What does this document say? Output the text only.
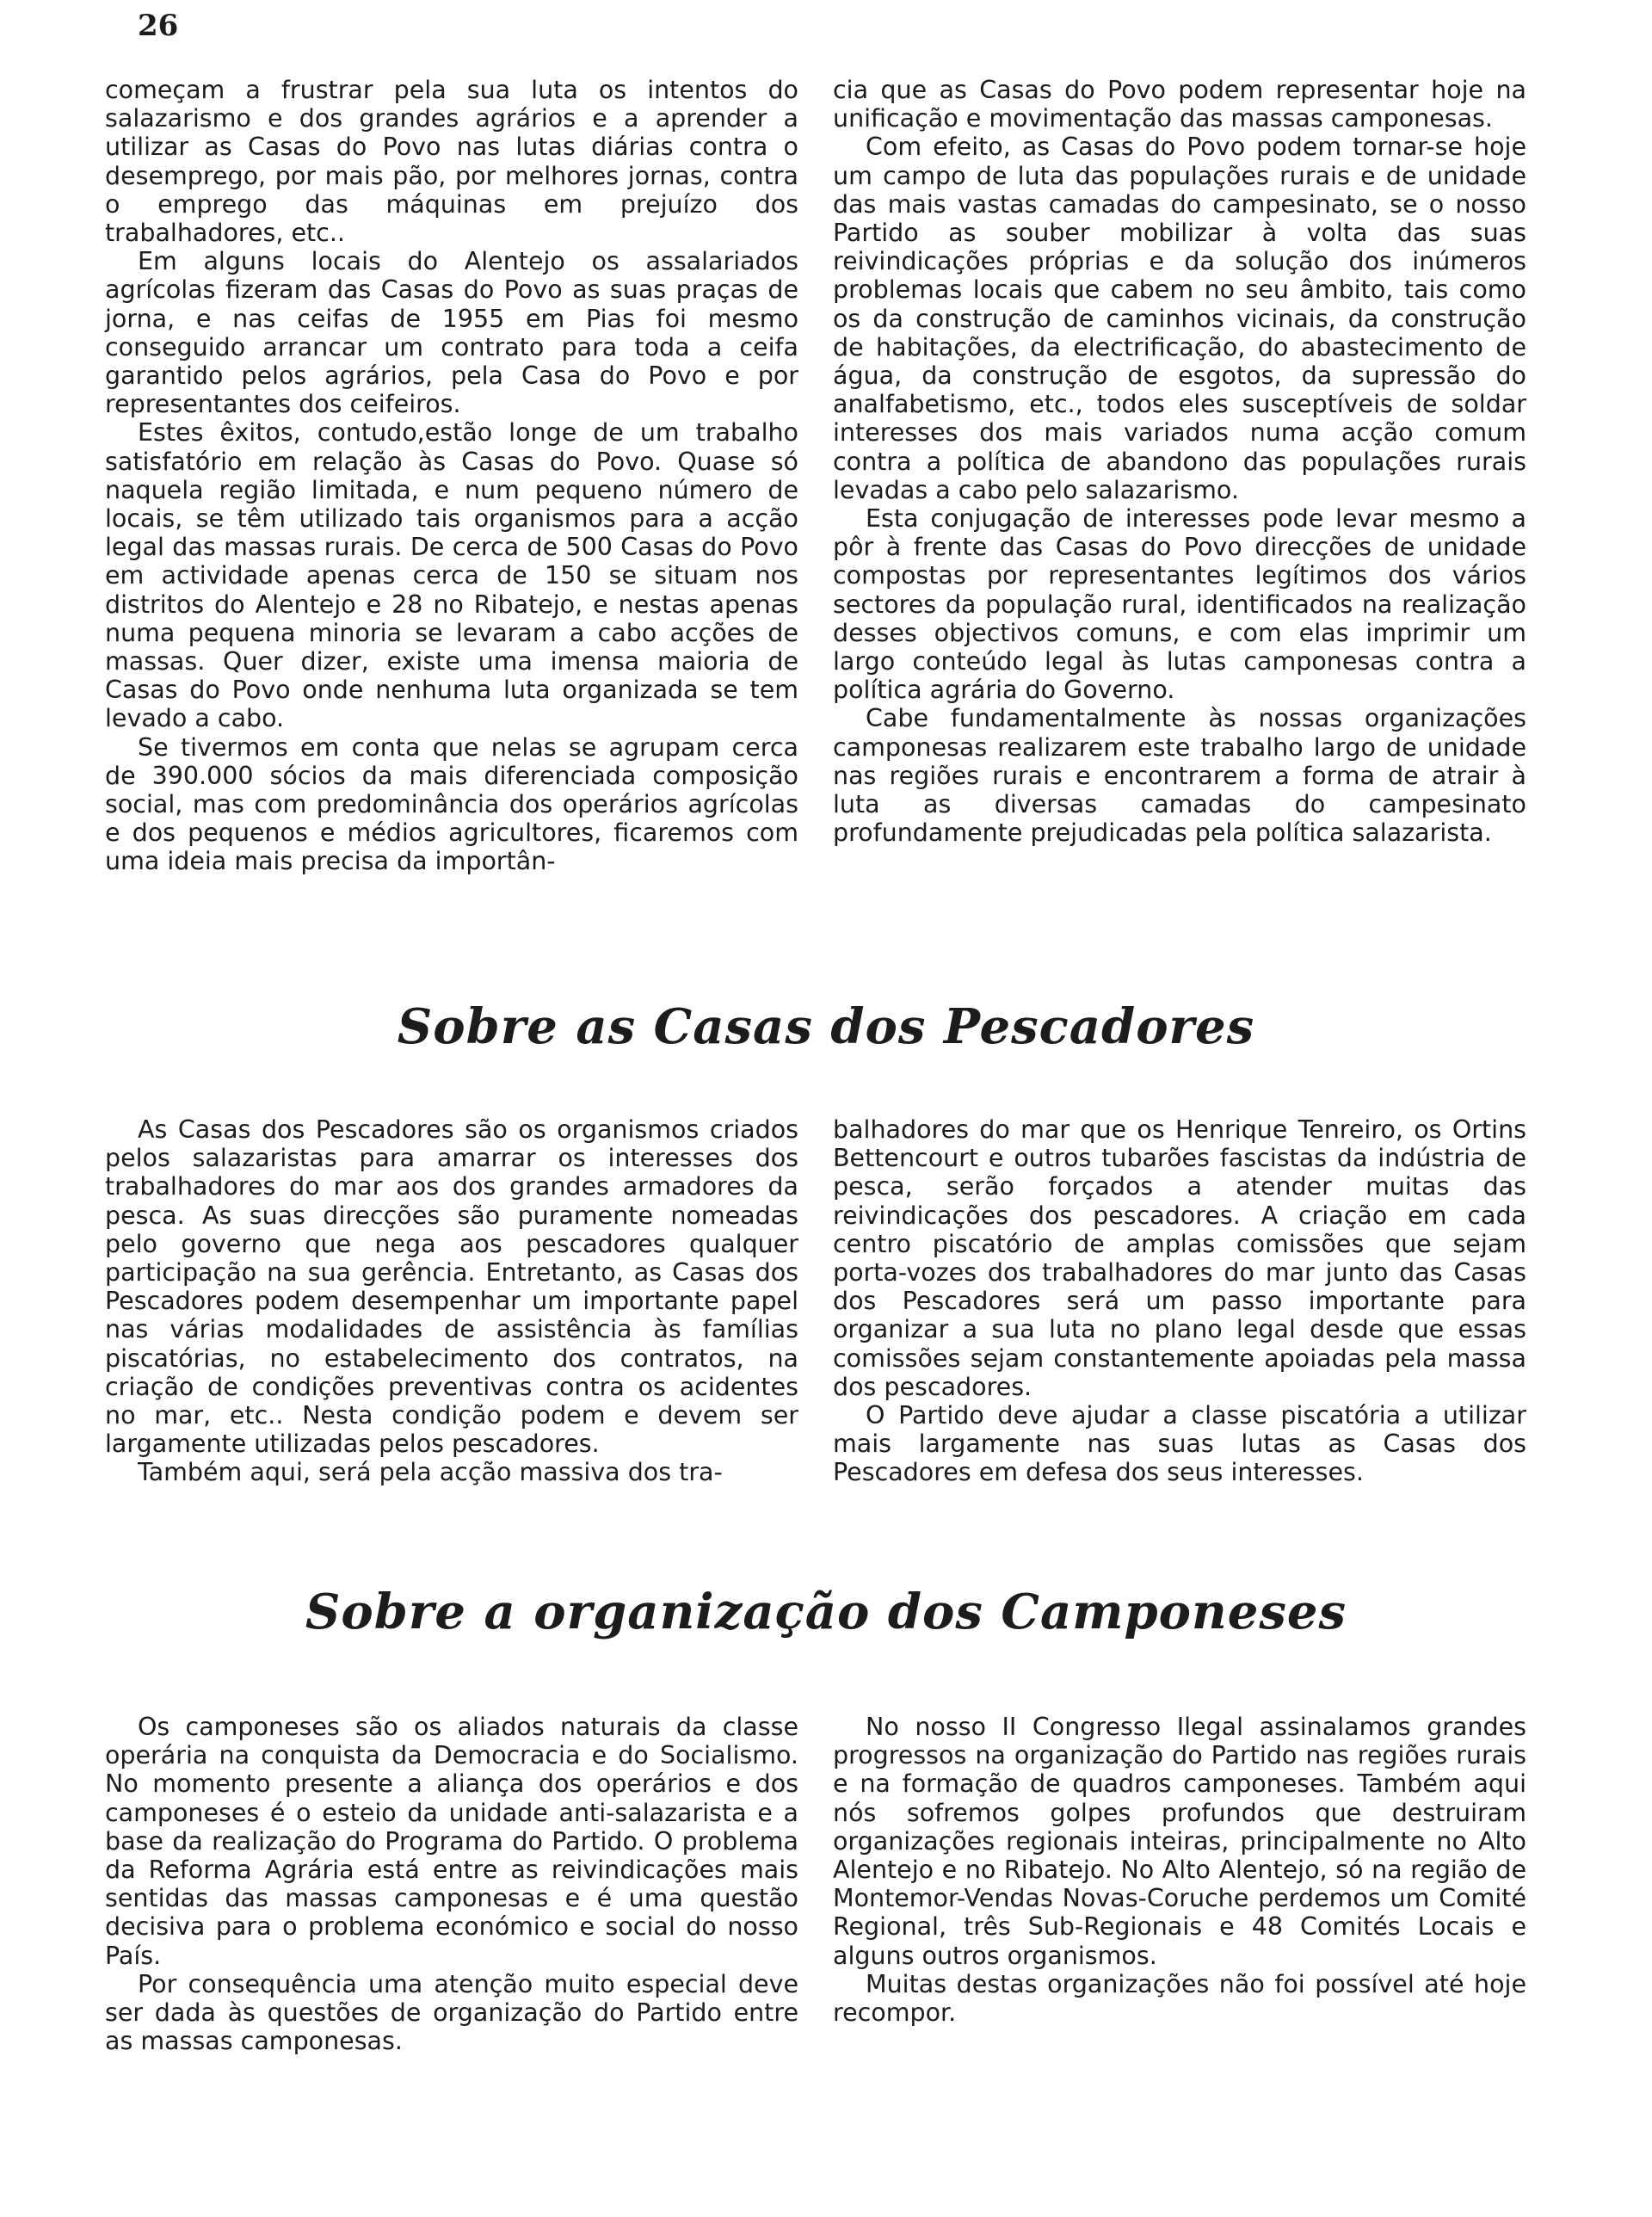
26

começam a frustrar pela sua luta os intentos do salazarismo e dos grandes agrários e a aprender a utilizar as Casas do Povo nas lutas diárias contra o desemprego, por mais pão, por melhores jornas, contra o emprego das máquinas em prejuízo dos trabalhadores, etc..

Em alguns locais do Alentejo os assalariados agrícolas fizeram das Casas do Povo as suas praças de jorna, e nas ceifas de 1955 em Pias foi mesmo conseguido arrancar um contrato para toda a ceifa garantido pelos agrários, pela Casa do Povo e por representantes dos ceifeiros.

Estes êxitos, contudo,estão longe de um trabalho satisfatório em relação às Casas do Povo. Quase só naquela região limitada, e num pequeno número de locais, se têm utilizado tais organismos para a acção legal das massas rurais. De cerca de 500 Casas do Povo em actividade apenas cerca de 150 se situam nos distritos do Alentejo e 28 no Ribatejo, e nestas apenas numa pequena minoria se levaram a cabo acções de massas. Quer dizer, existe uma imensa maioria de Casas do Povo onde nenhuma luta organizada se tem levado a cabo.

Se tivermos em conta que nelas se agrupam cerca de 390.000 sócios da mais diferenciada composição social, mas com predominância dos operários agrícolas e dos pequenos e médios agricultores, ficaremos com uma ideia mais precisa da importân-

cia que as Casas do Povo podem representar hoje na unificação e movimentação das massas camponesas.

Com efeito, as Casas do Povo podem tornar-se hoje um campo de luta das populações rurais e de unidade das mais vastas camadas do campesinato, se o nosso Partido as souber mobilizar à volta das suas reivindicações próprias e da solução dos inúmeros problemas locais que cabem no seu âmbito, tais como os da construção de caminhos vicinais, da construção de habitações, da electrificação, do abastecimento de água, da construção de esgotos, da supressão do analfabetismo, etc., todos eles susceptíveis de soldar interesses dos mais variados numa acção comum contra a política de abandono das populações rurais levadas a cabo pelo salazarismo.

Esta conjugação de interesses pode levar mesmo a pôr à frente das Casas do Povo direcções de unidade compostas por representantes legítimos dos vários sectores da população rural, identificados na realização desses objectivos comuns, e com elas imprimir um largo conteúdo legal às lutas camponesas contra a política agrária do Governo.

Cabe fundamentalmente às nossas organizações camponesas realizarem este trabalho largo de unidade nas regiões rurais e encontrarem a forma de atrair à luta as diversas camadas do campesinato profundamente prejudicadas pela política salazarista.

Sobre as Casas dos Pescadores

As Casas dos Pescadores são os organismos criados pelos salazaristas para amarrar os interesses dos trabalhadores do mar aos dos grandes armadores da pesca. As suas direcções são puramente nomeadas pelo governo que nega aos pescadores qualquer participação na sua gerência. Entretanto, as Casas dos Pescadores podem desempenhar um importante papel nas várias modalidades de assistência às famílias piscatórias, no estabelecimento dos contratos, na criação de condições preventivas contra os acidentes no mar, etc.. Nesta condição podem e devem ser largamente utilizadas pelos pescadores.

Também aqui, será pela acção massiva dos tra-

balhadores do mar que os Henrique Tenreiro, os Ortins Bettencourt e outros tubarões fascistas da indústria de pesca, serão forçados a atender muitas das reivindicações dos pescadores. A criação em cada centro piscatório de amplas comissões que sejam porta-vozes dos trabalhadores do mar junto das Casas dos Pescadores será um passo importante para organizar a sua luta no plano legal desde que essas comissões sejam constantemente apoiadas pela massa dos pescadores.

O Partido deve ajudar a classe piscatória a utilizar mais largamente nas suas lutas as Casas dos Pescadores em defesa dos seus interesses.

Sobre a organização dos Camponeses

Os camponeses são os aliados naturais da classe operária na conquista da Democracia e do Socialismo. No momento presente a aliança dos operários e dos camponeses é o esteio da unidade anti-salazarista e a base da realização do Programa do Partido. O problema da Reforma Agrária está entre as reivindicações mais sentidas das massas camponesas e é uma questão decisiva para o problema económico e social do nosso País.

Por consequência uma atenção muito especial deve ser dada às questões de organização do Partido entre as massas camponesas.

No nosso II Congresso Ilegal assinalamos grandes progressos na organização do Partido nas regiões rurais e na formação de quadros camponeses. Também aqui nós sofremos golpes profundos que destruiram organizações regionais inteiras, principalmente no Alto Alentejo e no Ribatejo. No Alto Alentejo, só na região de Montemor-Vendas Novas-Coruche perdemos um Comité Regional, três Sub-Regionais e 48 Comités Locais e alguns outros organismos.

Muitas destas organizações não foi possível até hoje recompor.
